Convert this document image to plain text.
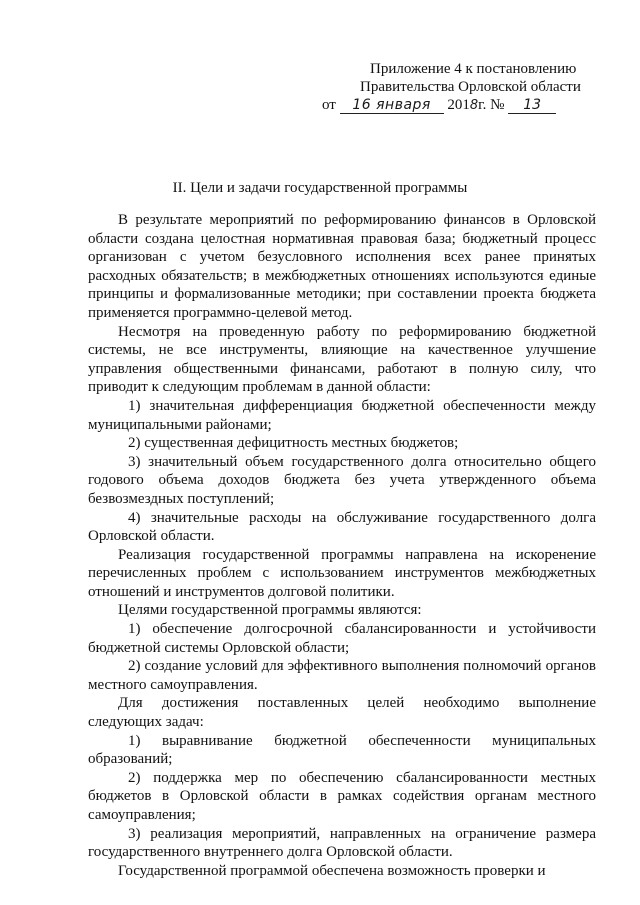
Приложение 4 к постановлению
Правительства Орловской области
от 16 января 2018г. № 13
II. Цели и задачи государственной программы

В результате мероприятий по реформированию финансов в Орловской области создана целостная нормативная правовая база; бюджетный процесс организован с учетом безусловного исполнения всех ранее принятых расходных обязательств; в межбюджетных отношениях используются единые принципы и формализованные методики; при составлении проекта бюджета применяется программно-целевой метод.

Несмотря на проведенную работу по реформированию бюджетной системы, не все инструменты, влияющие на качественное улучшение управления общественными финансами, работают в полную силу, что приводит к следующим проблемам в данной области:

1) значительная дифференциация бюджетной обеспеченности между муниципальными районами;

2) существенная дефицитность местных бюджетов;

3) значительный объем государственного долга относительно общего годового объема доходов бюджета без учета утвержденного объема безвозмездных поступлений;

4) значительные расходы на обслуживание государственного долга Орловской области.

Реализация государственной программы направлена на искоренение перечисленных проблем с использованием инструментов межбюджетных отношений и инструментов долговой политики.

Целями государственной программы являются:

1) обеспечение долгосрочной сбалансированности и устойчивости бюджетной системы Орловской области;

2) создание условий для эффективного выполнения полномочий органов местного самоуправления.

Для достижения поставленных целей необходимо выполнение следующих задач:

1) выравнивание бюджетной обеспеченности муниципальных образований;

2) поддержка мер по обеспечению сбалансированности местных бюджетов в Орловской области в рамках содействия органам местного самоуправления;

3) реализация мероприятий, направленных на ограничение размера государственного внутреннего долга Орловской области.

Государственной программой обеспечена возможность проверки и
